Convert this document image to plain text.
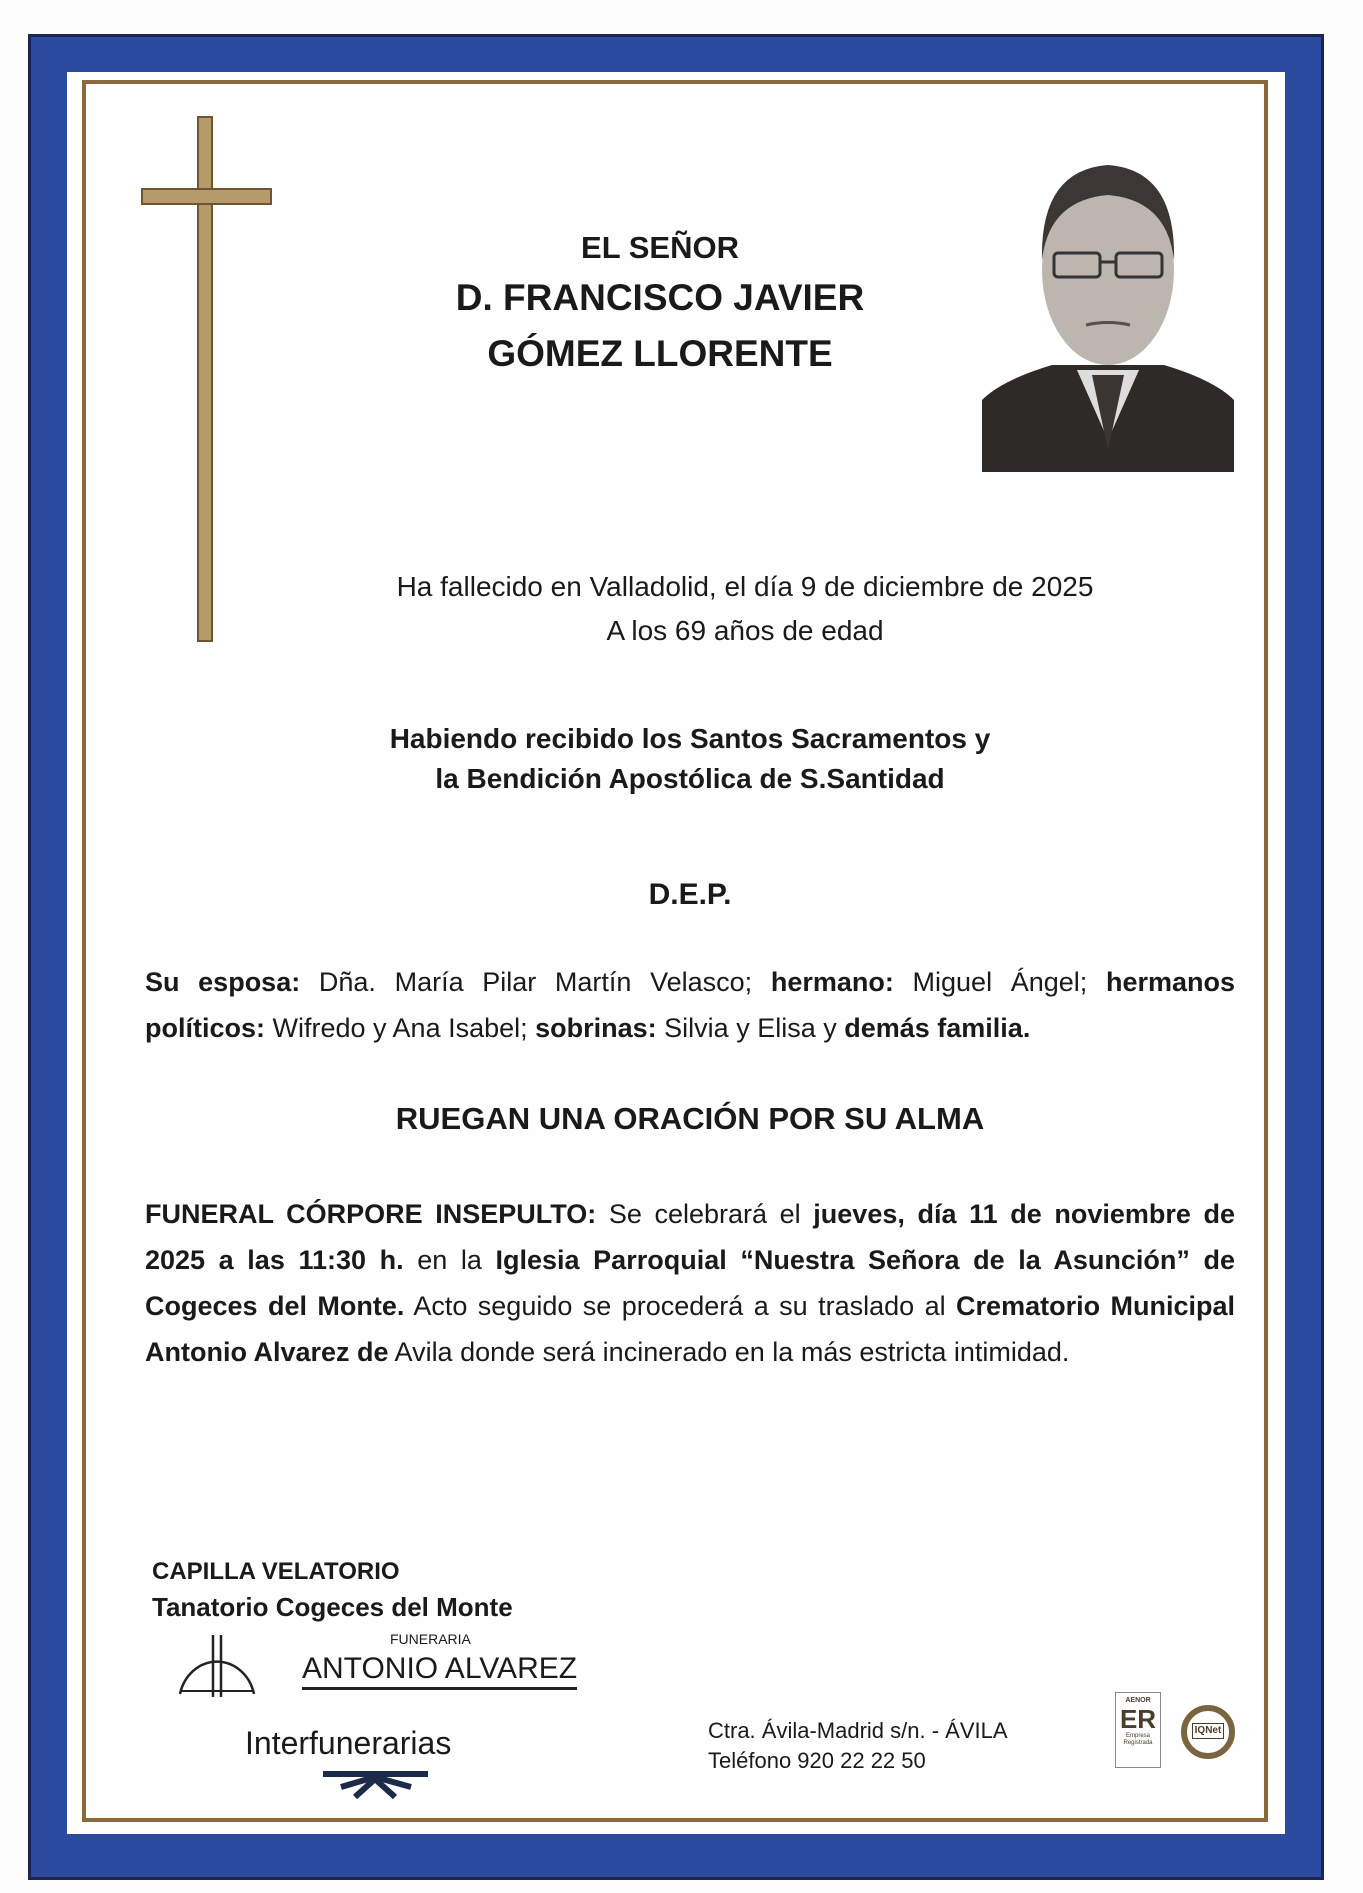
EL SEÑOR
D. FRANCISCO JAVIER
GÓMEZ LLORENTE
Ha fallecido en Valladolid, el día 9 de diciembre de 2025
A los 69 años de edad
Habiendo recibido los Santos Sacramentos y
la Bendición Apostólica de S.Santidad
D.E.P.
Su esposa: Dña. María Pilar Martín Velasco; hermano: Miguel Ángel; hermanos políticos: Wifredo y Ana Isabel; sobrinas: Silvia y Elisa y demás familia.
RUEGAN UNA ORACIÓN POR SU ALMA
FUNERAL CÓRPORE INSEPULTO: Se celebrará el jueves, día 11 de noviembre de 2025 a las 11:30 h. en la Iglesia Parroquial “Nuestra Señora de la Asunción” de Cogeces del Monte. Acto seguido se procederá a su traslado al Crematorio Municipal Antonio Alvarez de Avila donde será incinerado en la más estricta intimidad.
CAPILLA VELATORIO
Tanatorio Cogeces del Monte
FUNERARIA
ANTONIO ALVAREZ
Interfunerarias	Ctra. Ávila-Madrid s/n. - ÁVILA
Teléfono 920 22 22 50
AENOR
ER
Empresa Registrada
IQNet
